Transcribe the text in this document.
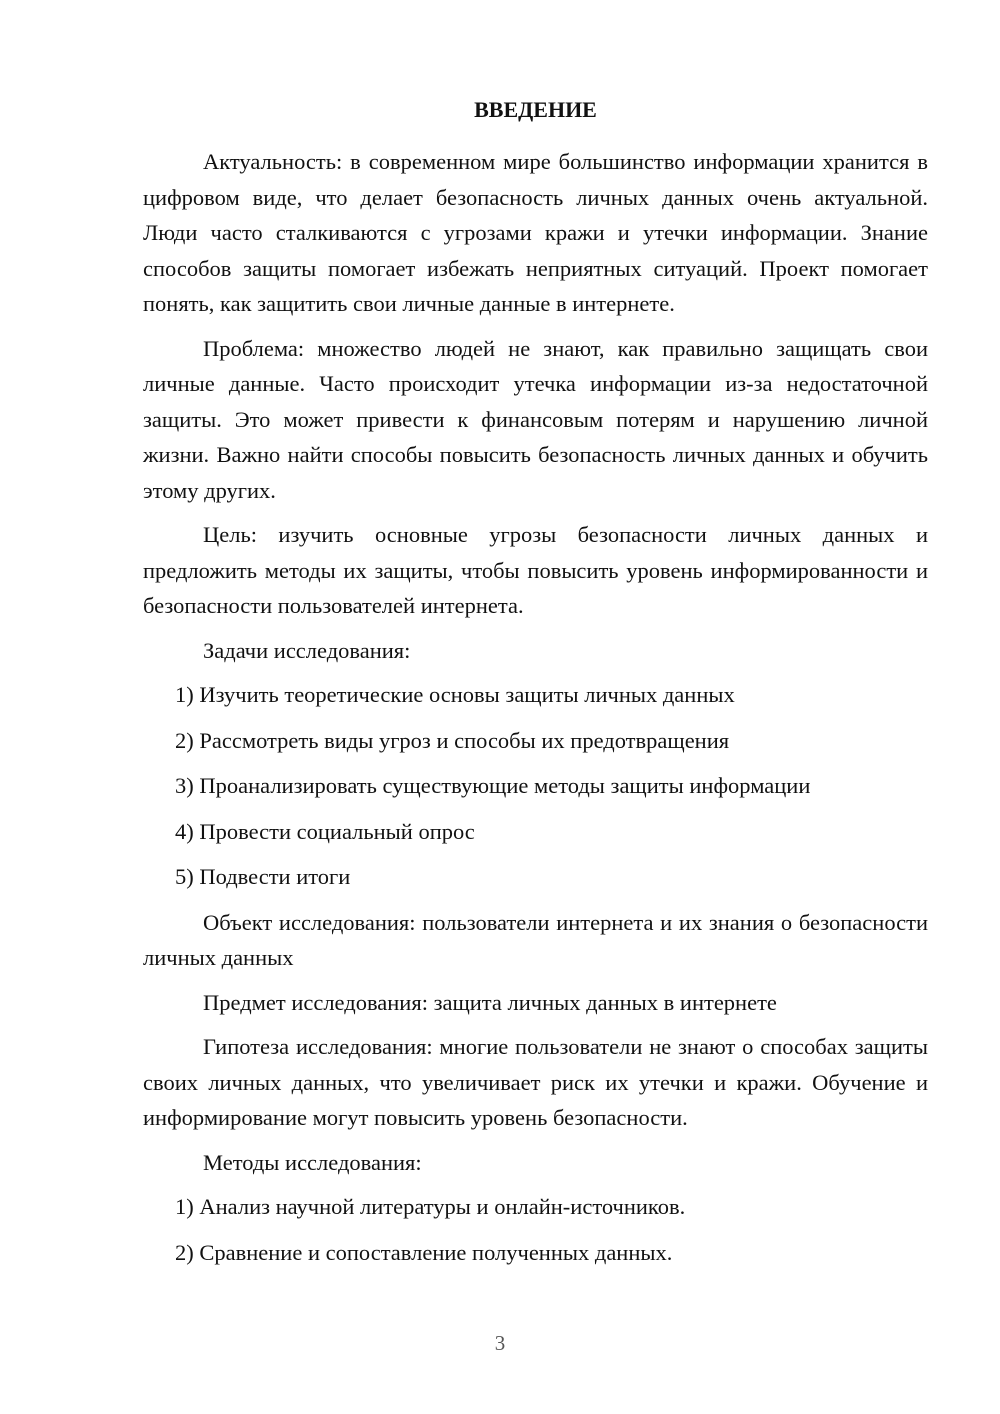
ВВЕДЕНИЕ

Актуальность: в современном мире большинство информации хранится в цифровом виде, что делает безопасность личных данных очень актуальной. Люди часто сталкиваются с угрозами кражи и утечки информации. Знание способов защиты помогает избежать неприятных ситуаций. Проект помогает понять, как защитить свои личные данные в интернете.

Проблема: множество людей не знают, как правильно защищать свои личные данные. Часто происходит утечка информации из-за недостаточной защиты. Это может привести к финансовым потерям и нарушению личной жизни. Важно найти способы повысить безопасность личных данных и обучить этому других.

Цель: изучить основные угрозы безопасности личных данных и предложить методы их защиты, чтобы повысить уровень информированности и безопасности пользователей интернета.

Задачи исследования:

1) Изучить теоретические основы защиты личных данных
2) Рассмотреть виды угроз и способы их предотвращения
3) Проанализировать существующие методы защиты информации
4) Провести социальный опрос
5) Подвести итоги

Объект исследования: пользователи интернета и их знания о безопасности личных данных

Предмет исследования: защита личных данных в интернете

Гипотеза исследования: многие пользователи не знают о способах защиты своих личных данных, что увеличивает риск их утечки и кражи. Обучение и информирование могут повысить уровень безопасности.

Методы исследования:

1) Анализ научной литературы и онлайн-источников.
2) Сравнение и сопоставление полученных данных.
3
